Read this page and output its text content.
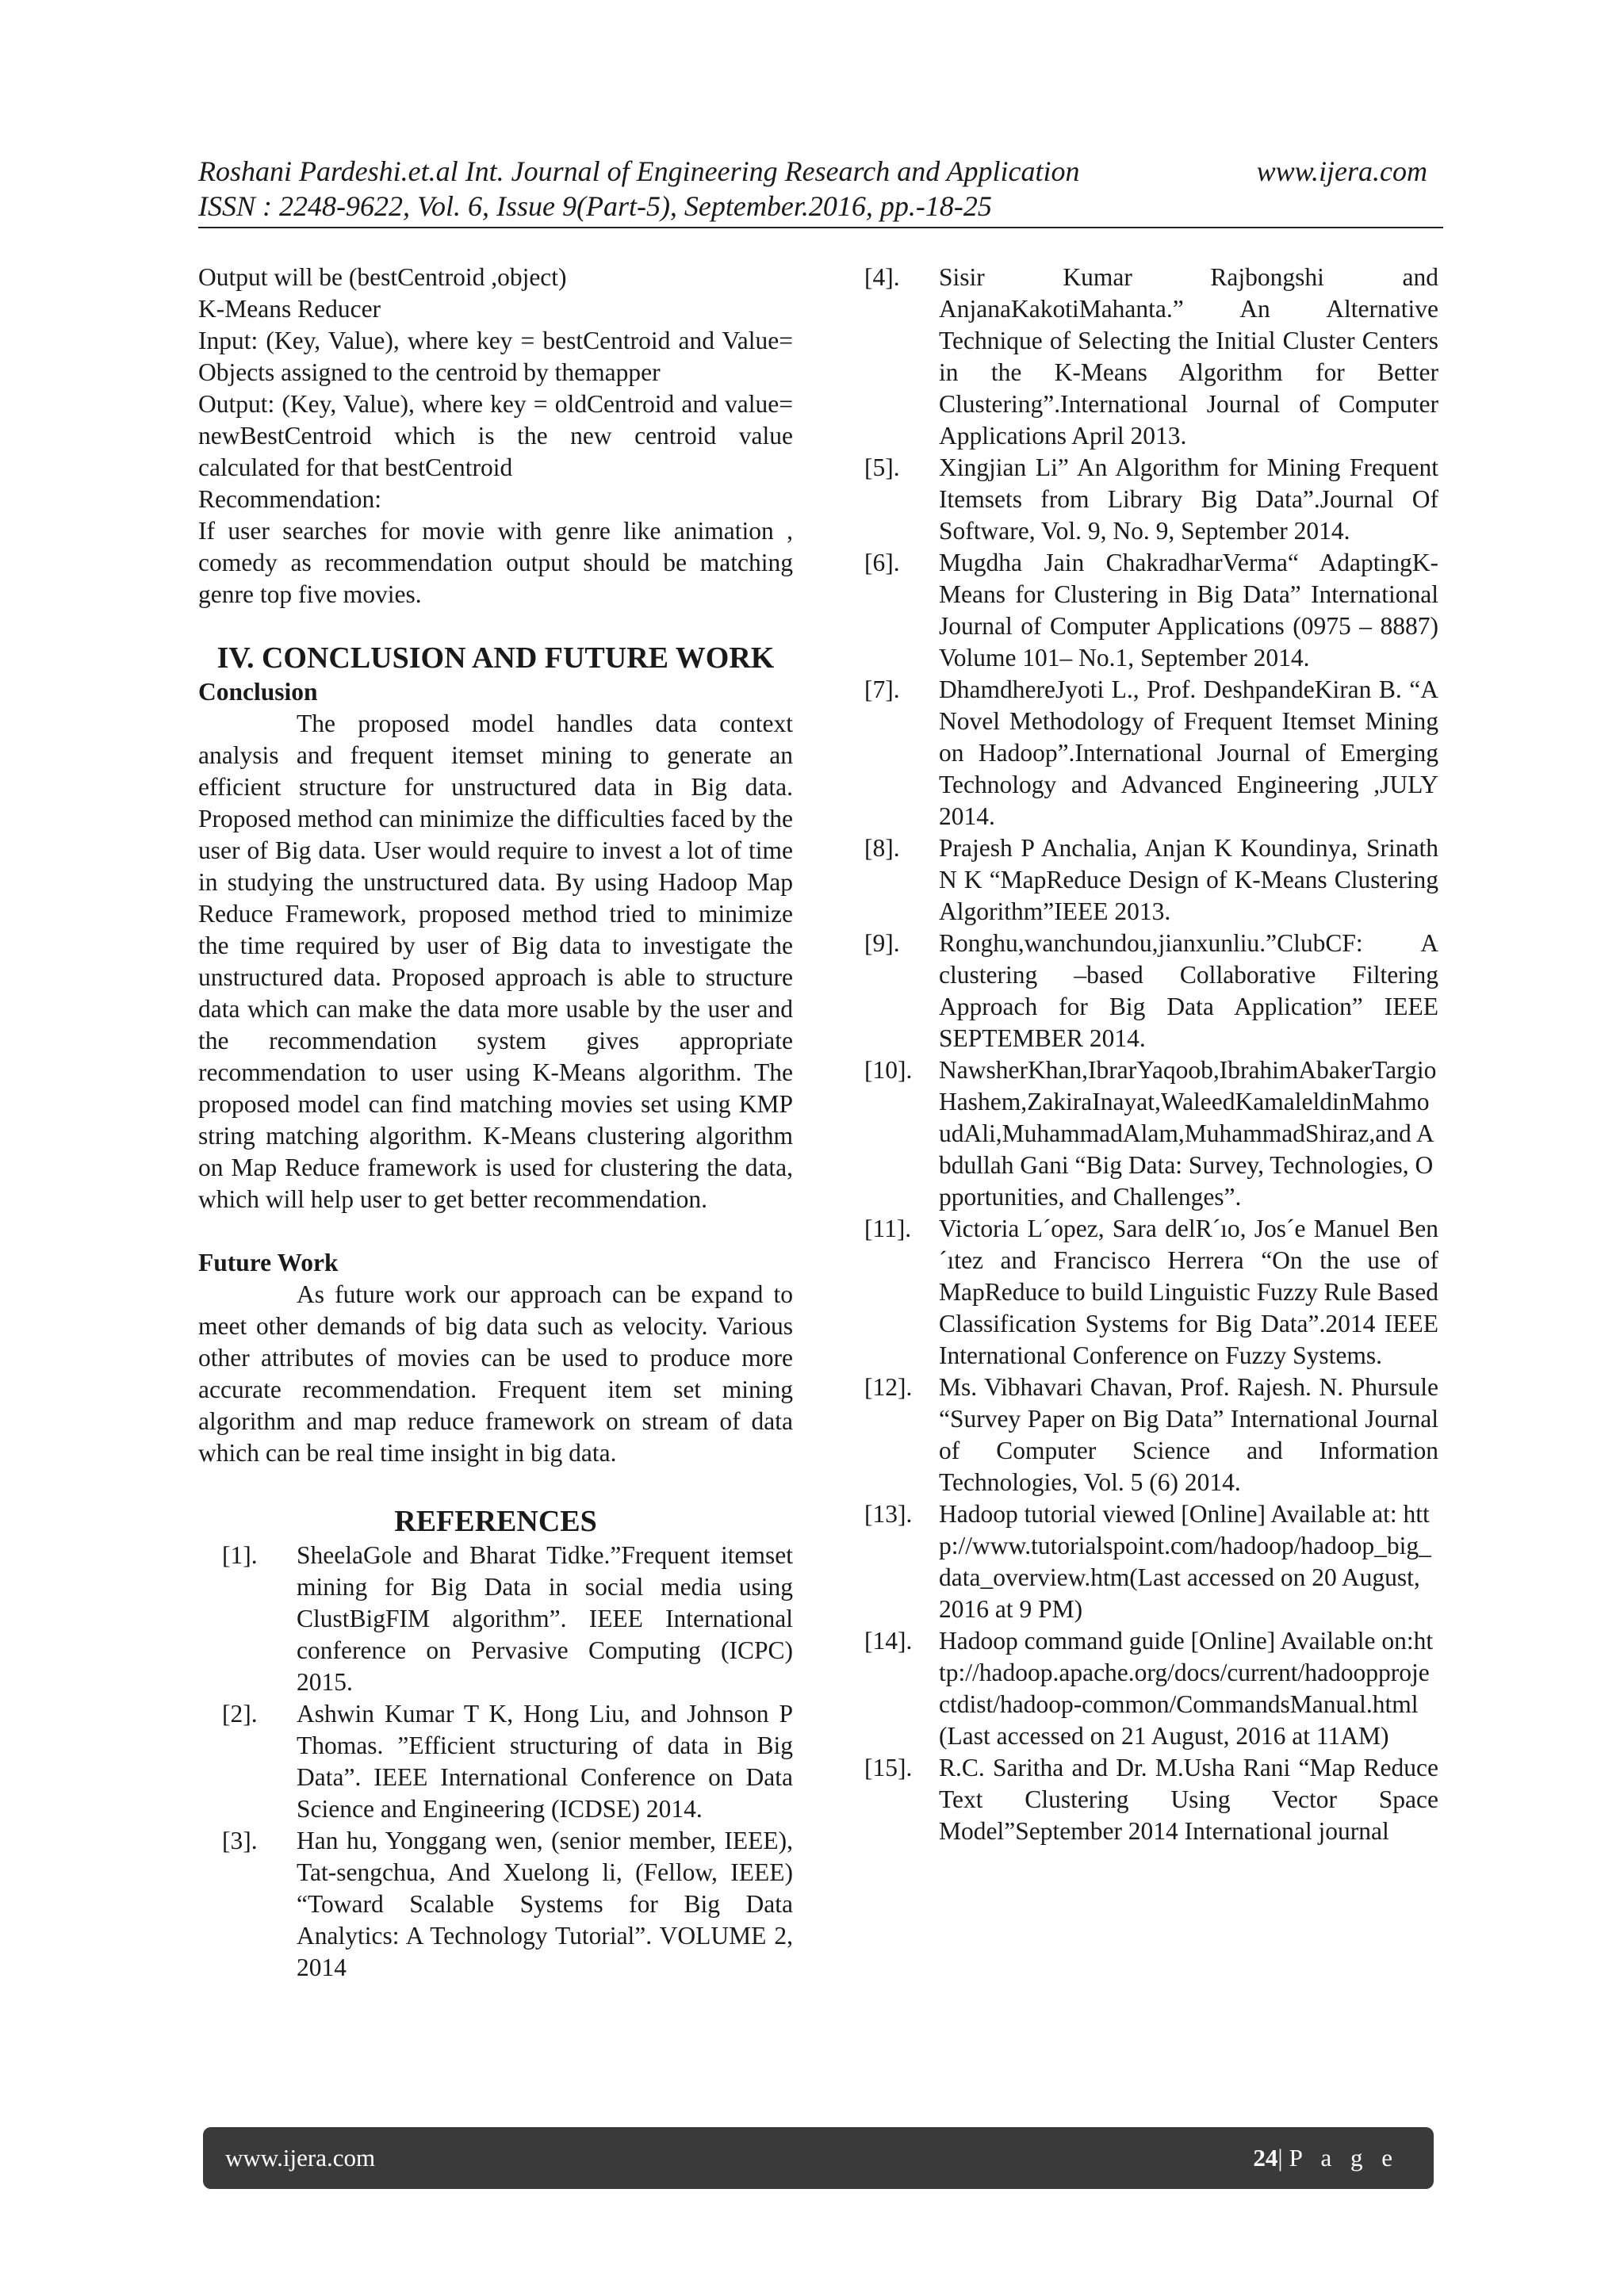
Roshani Pardeshi.et.al Int. Journal of Engineering Research and Application	www.ijera.com
ISSN : 2248-9622, Vol. 6, Issue 9(Part-5), September.2016, pp.-18-25

Output will be (bestCentroid ,object)

K-Means Reducer

Input: (Key, Value), where key = bestCentroid and Value= Objects assigned to the centroid by themapper

Output: (Key, Value), where key = oldCentroid and value= newBestCentroid which is the new centroid value calculated for that bestCentroid

Recommendation:

If user searches for movie with genre like animation , comedy as recommendation output should be matching genre top five movies.

IV. CONCLUSION AND FUTURE WORK

Conclusion

The proposed model handles data context analysis and frequent itemset mining to generate an efficient structure for unstructured data in Big data. Proposed method can minimize the difficulties faced by the user of Big data. User would require to invest a lot of time in studying the unstructured data. By using Hadoop Map Reduce Framework, proposed method tried to minimize the time required by user of Big data to investigate the unstructured data. Proposed approach is able to structure data which can make the data more usable by the user and the recommendation system gives appropriate recommendation to user using K-Means algorithm. The proposed model can find matching movies set using KMP string matching algorithm. K-Means clustering algorithm on Map Reduce framework is used for clustering the data, which will help user to get better recommendation.

Future Work

As future work our approach can be expand to meet other demands of big data such as velocity. Various other attributes of movies can be used to produce more accurate recommendation. Frequent item set mining algorithm and map reduce framework on stream of data which can be real time insight in big data.

REFERENCES
[1]. SheelaGole and Bharat Tidke.”Frequent itemset mining for Big Data in social media using ClustBigFIM algorithm”. IEEE International conference on Pervasive Computing (ICPC) 2015.
[2]. Ashwin Kumar T K, Hong Liu, and Johnson P Thomas. ”Efficient structuring of data in Big Data”. IEEE International Conference on Data Science and Engineering (ICDSE) 2014.
[3]. Han hu, Yonggang wen, (senior member, IEEE), Tat-sengchua, And Xuelong li, (Fellow, IEEE) “Toward Scalable Systems for Big Data Analytics: A Technology Tutorial”. VOLUME 2, 2014
[4]. Sisir Kumar Rajbongshi and AnjanaKakotiMahanta.” An Alternative Technique of Selecting the Initial Cluster Centers in the K-Means Algorithm for Better Clustering”.International Journal of Computer Applications April 2013.
[5]. Xingjian Li” An Algorithm for Mining Frequent Itemsets from Library Big Data”.Journal Of Software, Vol. 9, No. 9, September 2014.
[6]. Mugdha Jain ChakradharVerma“ AdaptingK-Means for Clustering in Big Data” International Journal of Computer Applications (0975 – 8887) Volume 101– No.1, September 2014.
[7]. DhamdhereJyoti L., Prof. DeshpandeKiran B. “A Novel Methodology of Frequent Itemset Mining on Hadoop”.International Journal of Emerging Technology and Advanced Engineering ,JULY 2014.
[8]. Prajesh P Anchalia, Anjan K Koundinya, Srinath N K “MapReduce Design of K-Means Clustering Algorithm”IEEE 2013.
[9]. Ronghu,wanchundou,jianxunliu.”ClubCF: A clustering –based Collaborative Filtering Approach for Big Data Application” IEEE SEPTEMBER 2014.
[10]. NawsherKhan,IbrarYaqoob,IbrahimAbakerTargioHashem,ZakiraInayat,WaleedKamaleldinMahmoudAli,MuhammadAlam,MuhammadShiraz,and Abdullah Gani “Big Data: Survey, Technologies, Opportunities, and Challenges”.
[11]. Victoria L´opez, Sara delR´ıo, Jos´e Manuel Ben´ıtez and Francisco Herrera “On the use of MapReduce to build Linguistic Fuzzy Rule Based Classification Systems for Big Data”.2014 IEEE International Conference on Fuzzy Systems.
[12]. Ms. Vibhavari Chavan, Prof. Rajesh. N. Phursule “Survey Paper on Big Data” International Journal of Computer Science and Information Technologies, Vol. 5 (6) 2014.
[13]. Hadoop tutorial viewed [Online] Available at: http://www.tutorialspoint.com/hadoop/hadoop_big_data_overview.htm(Last accessed on 20 August, 2016 at 9 PM)
[14]. Hadoop command guide [Online] Available on:http://hadoop.apache.org/docs/current/hadoopprojectdist/hadoop-common/CommandsManual.html(Last accessed on 21 August, 2016 at 11AM)
[15]. R.C. Saritha and Dr. M.Usha Rani “Map Reduce Text Clustering Using Vector Space Model”September 2014 International journal
www.ijera.com	24|P a g e
